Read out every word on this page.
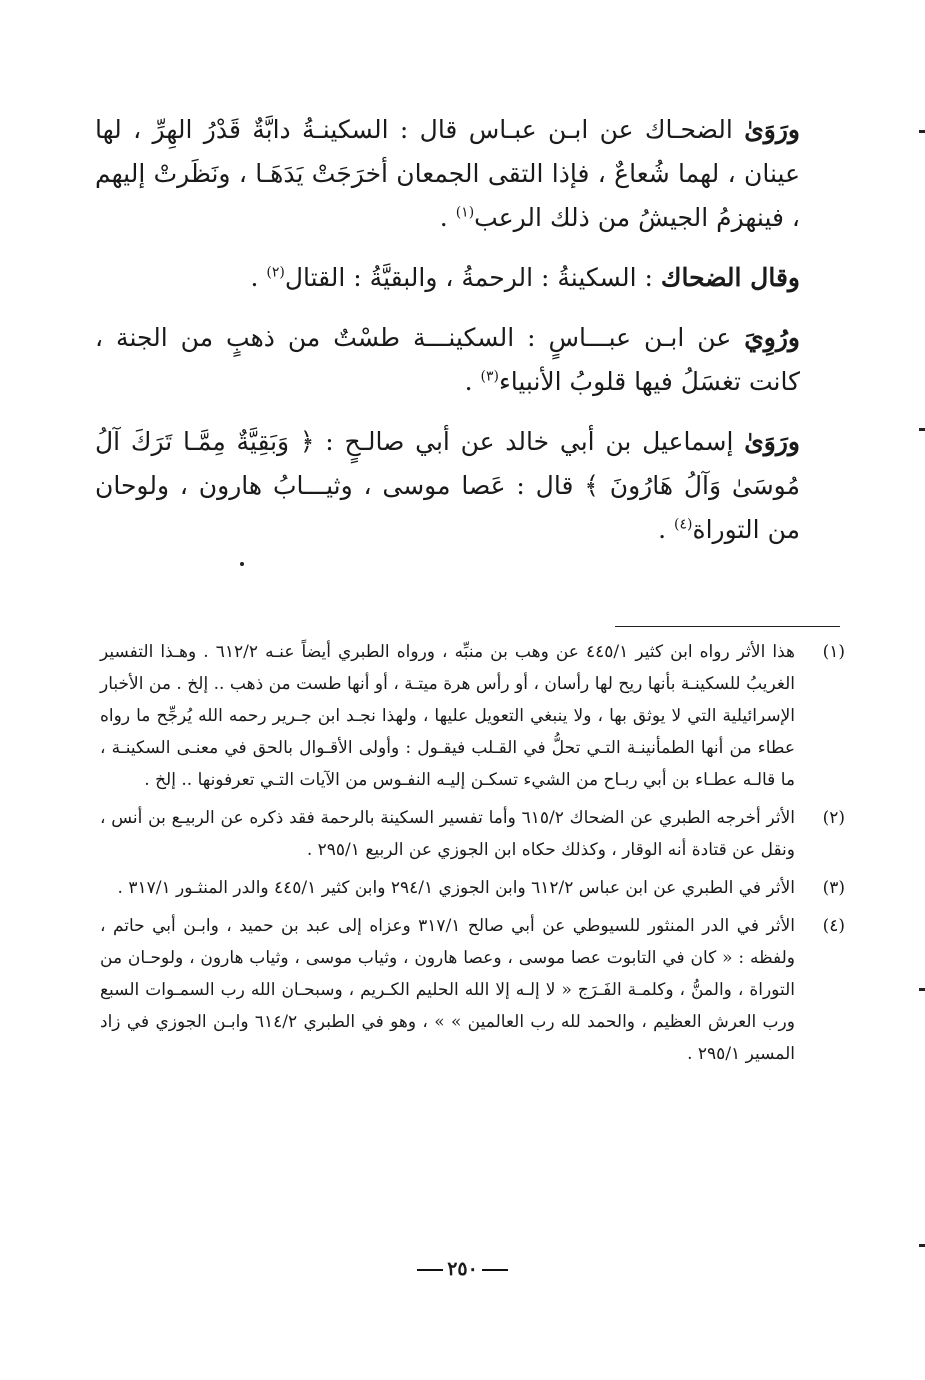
ورَوَىٰ الضحـاك عن ابـن عبـاس قال : السكينـةُ دابَّةٌ قَدْرُ الهِرِّ ، لها عينان ، لهما شُعاعٌ ، فإذا التقى الجمعان أخرَجَتْ يَدَهَـا ، ونَظَرتْ إليهم ، فينهزمُ الجيشُ من ذلك الرعب$^{(١)}$ .

وقال الضحاك : السكينةُ : الرحمةُ ، والبقيَّةُ : القتال$^{(٢)}$ .

ورُوِيَ عن ابـن عبـــاسٍ : السكينـــة طسْتٌ من ذهبٍ من الجنة ، كانت تغسَلُ فيها قلوبُ الأنبياء$^{(٣)}$ .

ورَوَىٰ إسماعيل بن أبي خالد عن أبي صالـحٍ : ﴿ وَبَقِيَّةٌ مِمَّـا تَرَكَ آلُ مُوسَىٰ وَآلُ هَارُونَ ﴾ قال : عَصا موسى ، وثيـــابُ هارون ، ولوحان من التوراة$^{(٤)}$ .

(١)
هذا الأثر رواه ابن كثير ٤٤٥/١ عن وهب بن منبِّه ، ورواه الطبري أيضاً عنـه ٦١٢/٢ . وهـذا التفسير الغريبُ للسكينـة بأنها ريح لها رأسان ، أو رأس هرة ميتـة ، أو أنها طست من ذهب .. إلخ . من الأخبار الإسرائيلية التي لا يوثق بها ، ولا ينبغي التعويل عليها ، ولهذا نجـد ابن جـرير رحمه الله يُرجِّح ما رواه عطاء من أنها الطمأنينـة التـي تحلُّ في القـلب فيقـول : وأولى الأقـوال بالحق في معنـى السكينـة ، ما قالـه عطـاء بن أبي ربـاح من الشيء تسكـن إليـه النفـوس من الآيات التـي تعرفونها .. إلخ .
(٢)
الأثر أخرجه الطبري عن الضحاك ٦١٥/٢ وأما تفسير السكينة بالرحمة فقد ذكره عن الربيـع بن أنس ، ونقل عن قتادة أنه الوقار ، وكذلك حكاه ابن الجوزي عن الربيع ٢٩٥/١ .
(٣)
الأثر في الطبري عن ابن عباس ٦١٢/٢ وابن الجوزي ٢٩٤/١ وابن كثير ٤٤٥/١ والدر المنثـور ٣١٧/١ .
(٤)
الأثر في الدر المنثور للسيوطي عن أبي صالح ٣١٧/١ وعزاه إلى عبد بن حميد ، وابـن أبي حاتم ، ولفظه : « كان في التابوت عصا موسى ، وعصا هارون ، وثياب موسى ، وثياب هارون ، ولوحـان من التوراة ، والمنُّ ، وكلمـة الفَـرَج « لا إلـه إلا الله الحليم الكـريم ، وسبحـان الله رب السمـوات السبع ورب العرش العظيم ، والحمد لله رب العالمين » » ، وهو في الطبري ٦١٤/٢ وابـن الجوزي في زاد المسير ٢٩٥/١ .
٢٥٠
